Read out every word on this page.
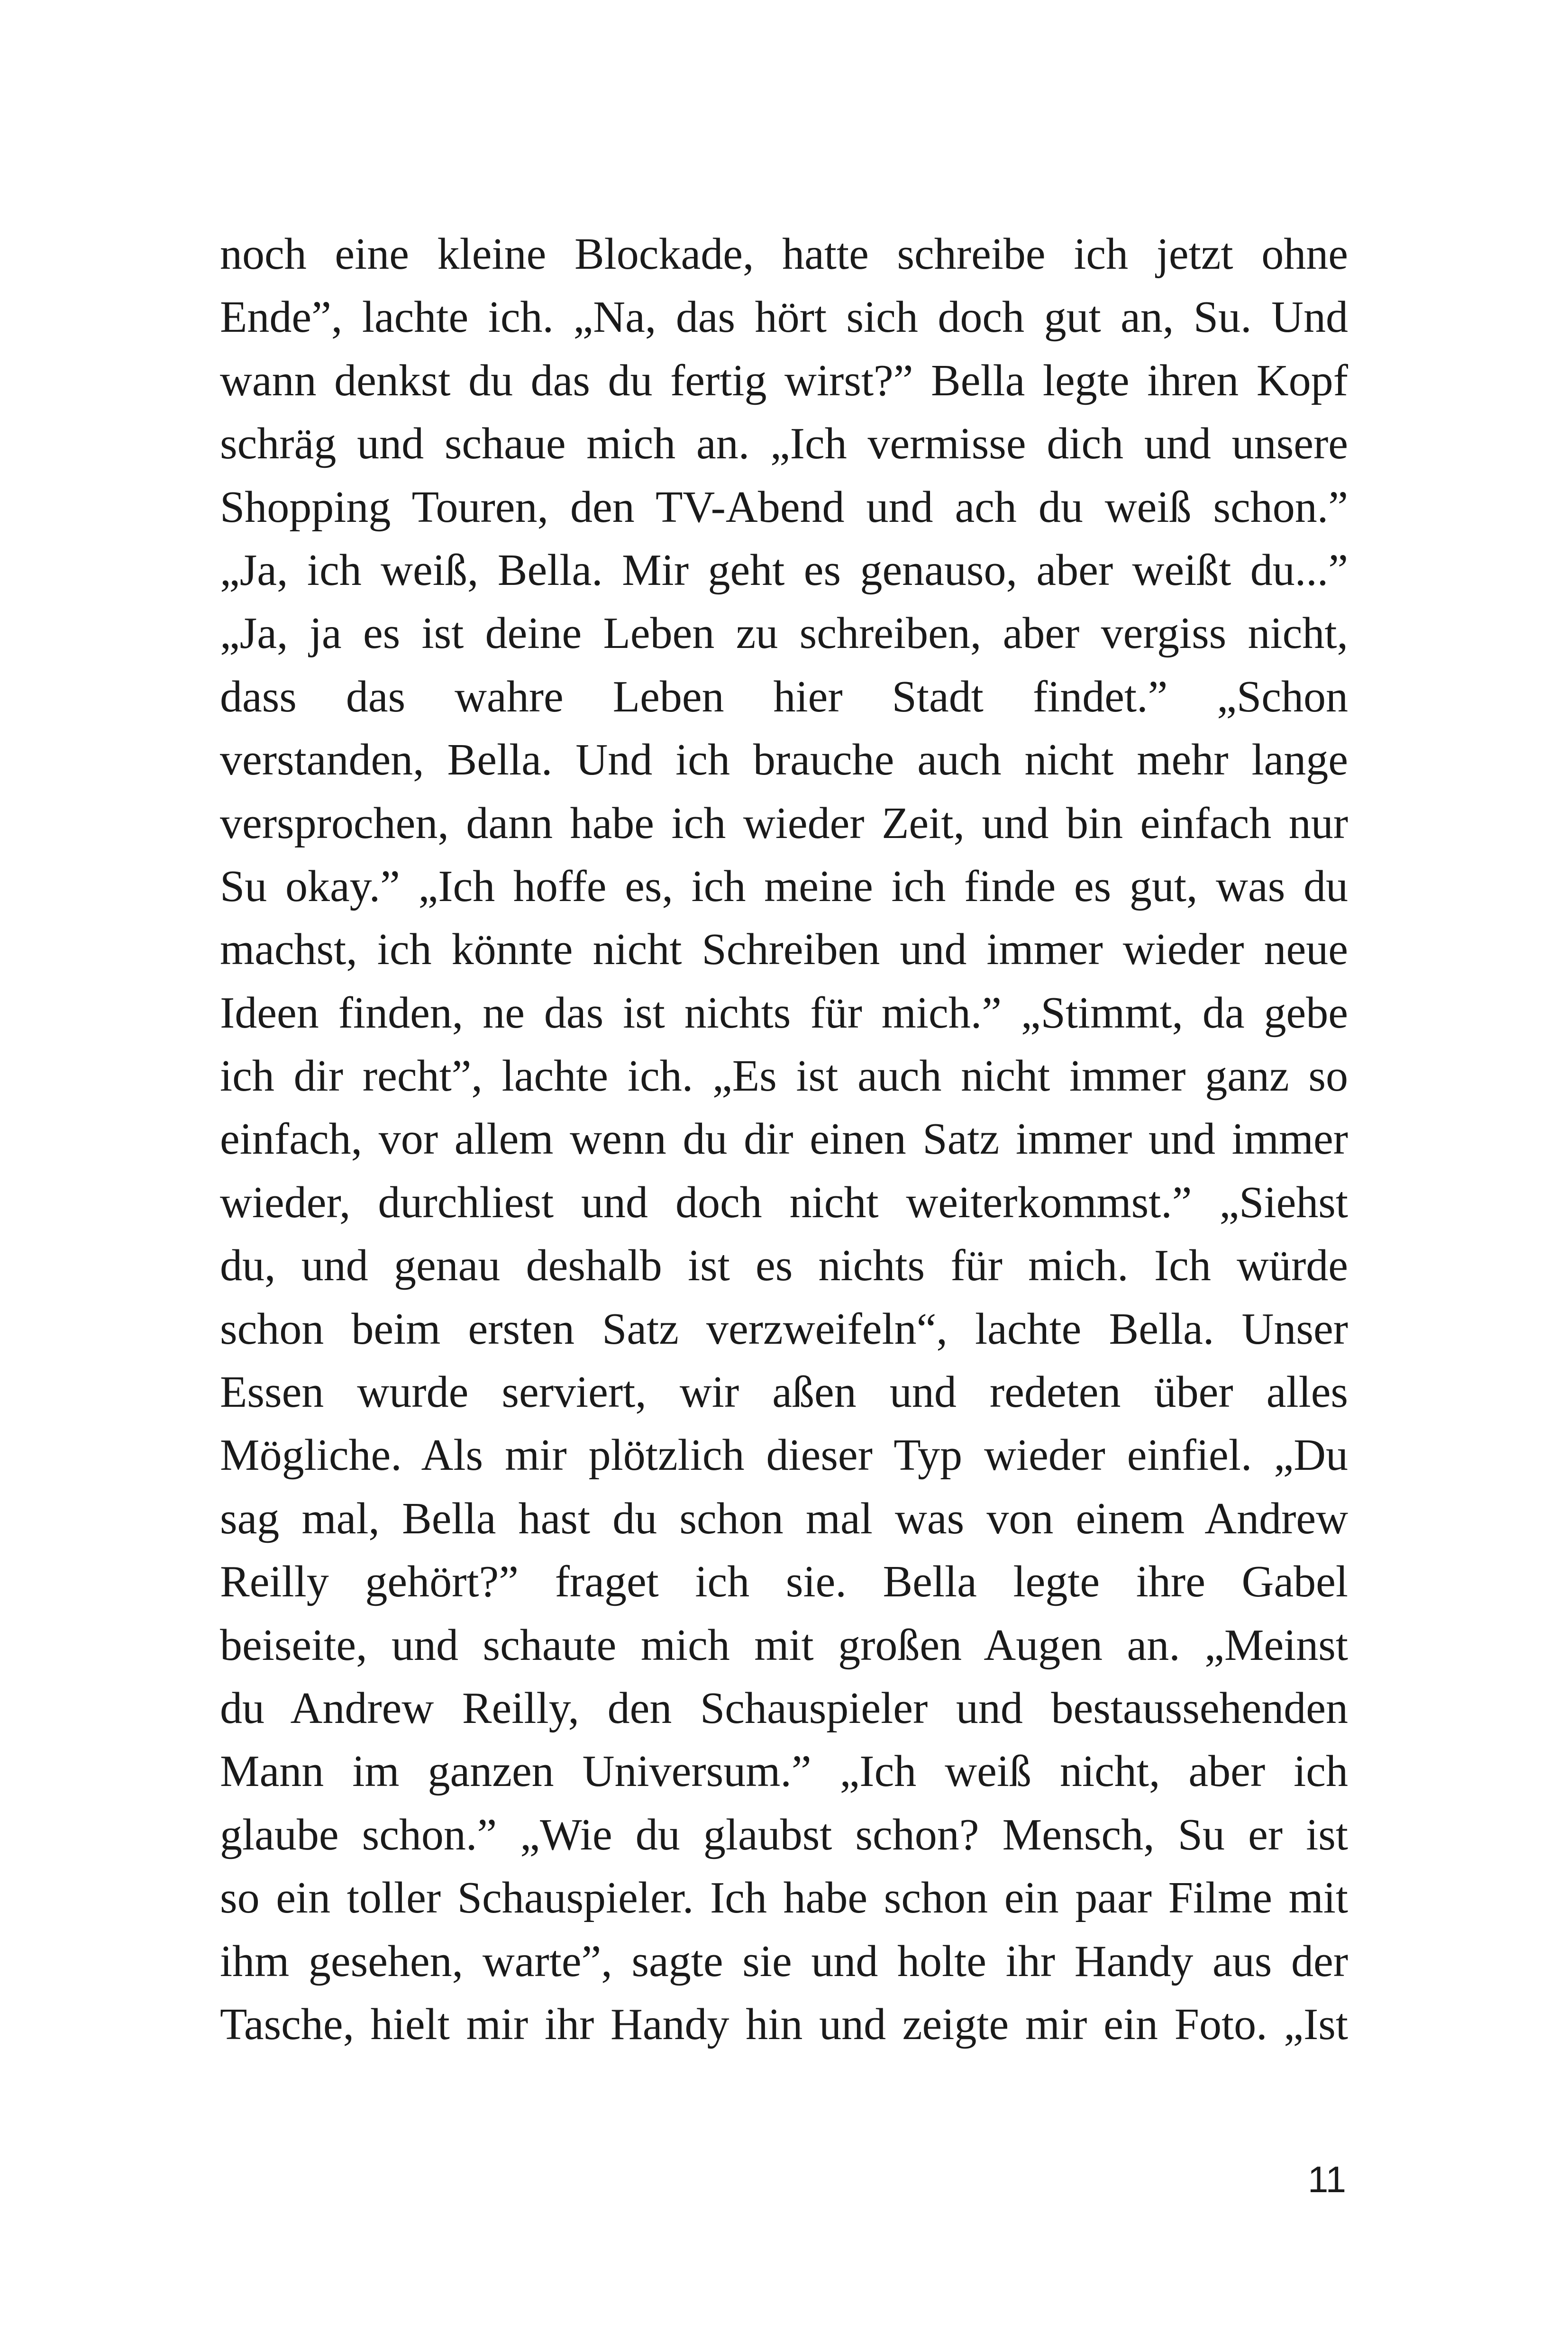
noch eine kleine Blockade, hatte schreibe ich jetzt ohne
Ende”, lachte ich. „Na, das hört sich doch gut an, Su. Und
wann denkst du das du fertig wirst?” Bella legte ihren Kopf
schräg und schaue mich an. „Ich vermisse dich und unsere
Shopping Touren, den TV-Abend und ach du weiß schon.”
„Ja, ich weiß, Bella. Mir geht es genauso, aber weißt du...”
„Ja, ja es ist deine Leben zu schreiben, aber vergiss nicht,
dass das wahre Leben hier Stadt findet.” „Schon
verstanden, Bella. Und ich brauche auch nicht mehr lange
versprochen, dann habe ich wieder Zeit, und bin einfach nur
Su okay.” „Ich hoffe es, ich meine ich finde es gut, was du
machst, ich könnte nicht Schreiben und immer wieder neue
Ideen finden, ne das ist nichts für mich.” „Stimmt, da gebe
ich dir recht”, lachte ich. „Es ist auch nicht immer ganz so
einfach, vor allem wenn du dir einen Satz immer und immer
wieder, durchliest und doch nicht weiterkommst.” „Siehst
du, und genau deshalb ist es nichts für mich. Ich würde
schon beim ersten Satz verzweifeln“, lachte Bella. Unser
Essen wurde serviert, wir aßen und redeten über alles
Mögliche. Als mir plötzlich dieser Typ wieder einfiel. „Du
sag mal, Bella hast du schon mal was von einem Andrew
Reilly gehört?” fraget ich sie. Bella legte ihre Gabel
beiseite, und schaute mich mit großen Augen an. „Meinst
du Andrew Reilly, den Schauspieler und bestaussehenden
Mann im ganzen Universum.” „Ich weiß nicht, aber ich
glaube schon.” „Wie du glaubst schon? Mensch, Su er ist
so ein toller Schauspieler. Ich habe schon ein paar Filme mit
ihm gesehen, warte”, sagte sie und holte ihr Handy aus der
Tasche, hielt mir ihr Handy hin und zeigte mir ein Foto. „Ist
11
